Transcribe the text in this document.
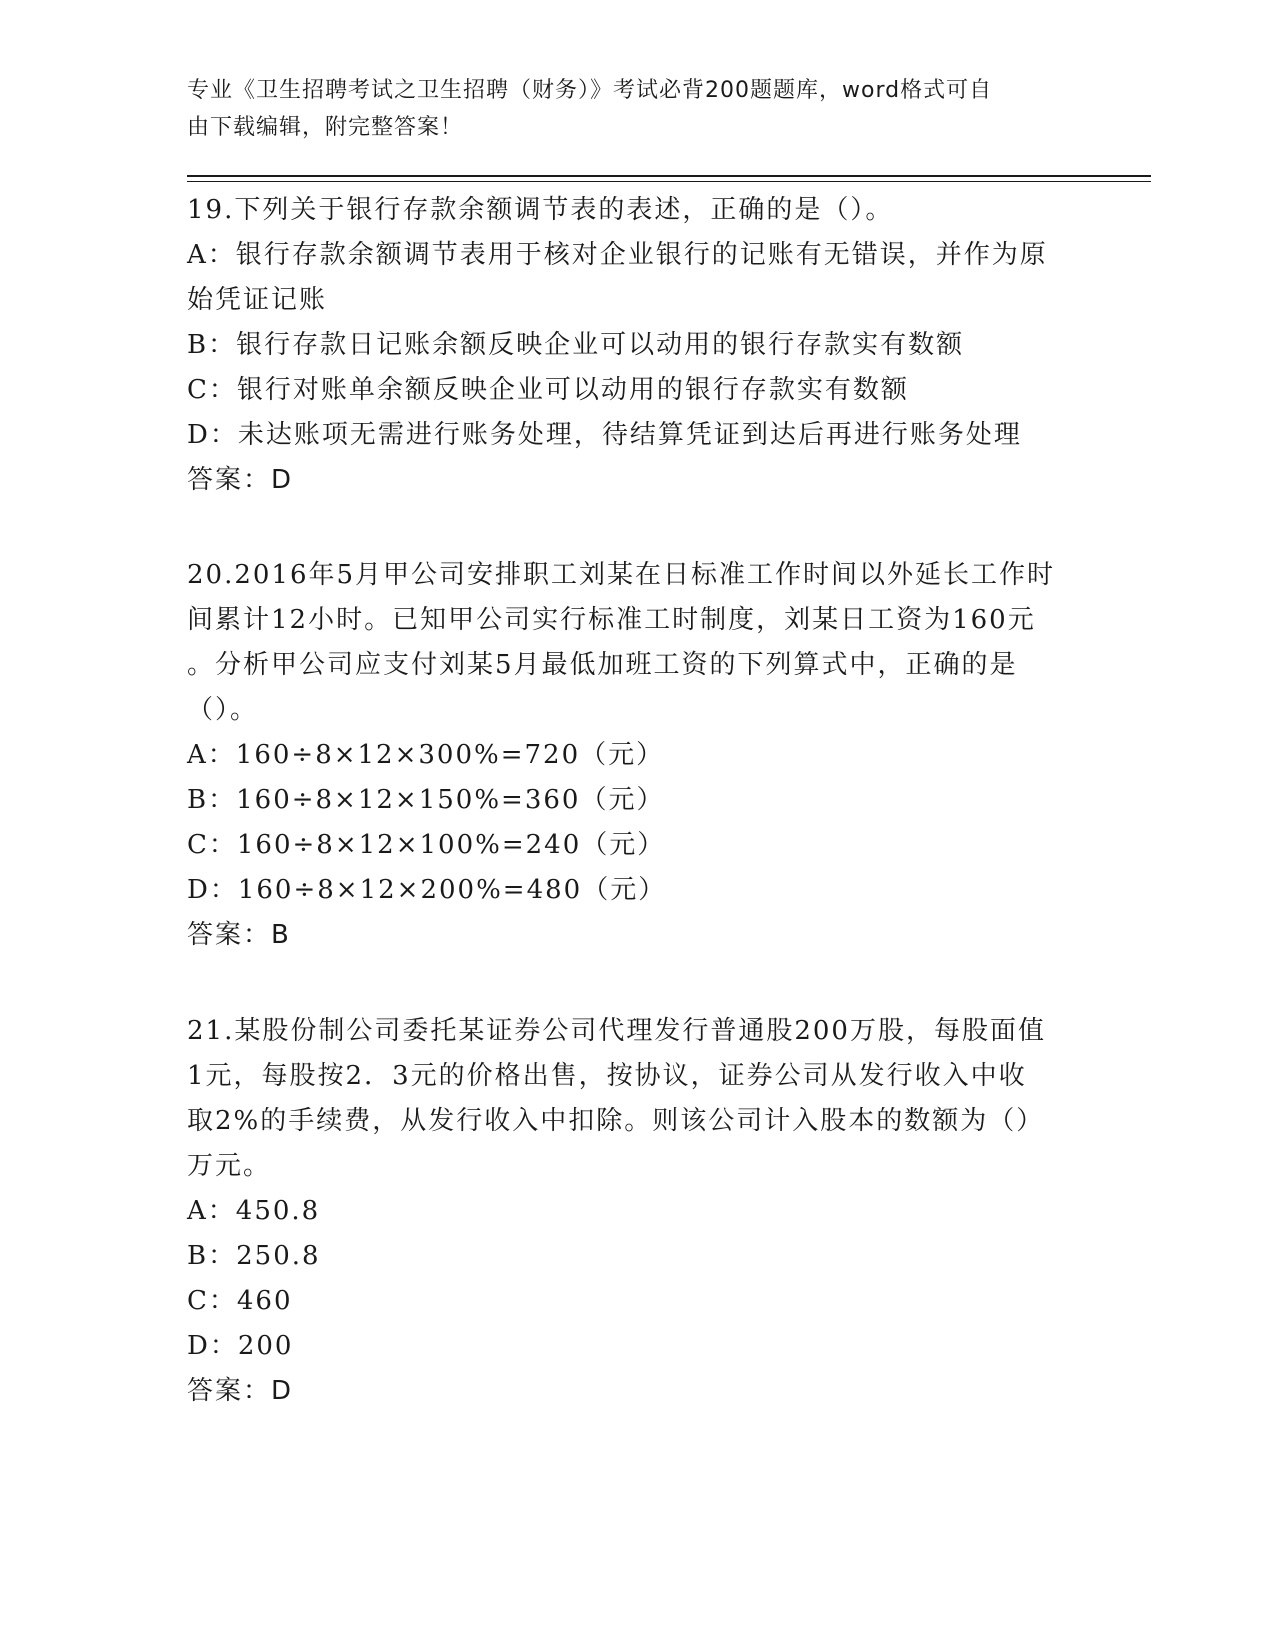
专业《卫生招聘考试之卫生招聘（财务）》考试必背200题题库，word格式可自
由下载编辑，附完整答案！
19.下列关于银行存款余额调节表的表述，正确的是（）。
A：银行存款余额调节表用于核对企业银行的记账有无错误，并作为原
始凭证记账
B：银行存款日记账余额反映企业可以动用的银行存款实有数额
C：银行对账单余额反映企业可以动用的银行存款实有数额
D：未达账项无需进行账务处理，待结算凭证到达后再进行账务处理
答案：D
20.2016年5月甲公司安排职工刘某在日标准工作时间以外延长工作时
间累计12小时。已知甲公司实行标准工时制度，刘某日工资为160元
。分析甲公司应支付刘某5月最低加班工资的下列算式中，正确的是
（）。
A：160÷8×12×300%=720（元）
B：160÷8×12×150%=360（元）
C：160÷8×12×100%=240（元）
D：160÷8×12×200%=480（元）
答案：B
21.某股份制公司委托某证券公司代理发行普通股200万股，每股面值
1元，每股按2．3元的价格出售，按协议，证券公司从发行收入中收
取2%的手续费，从发行收入中扣除。则该公司计入股本的数额为（）
万元。
A：450.8
B：250.8
C：460
D：200
答案：D
